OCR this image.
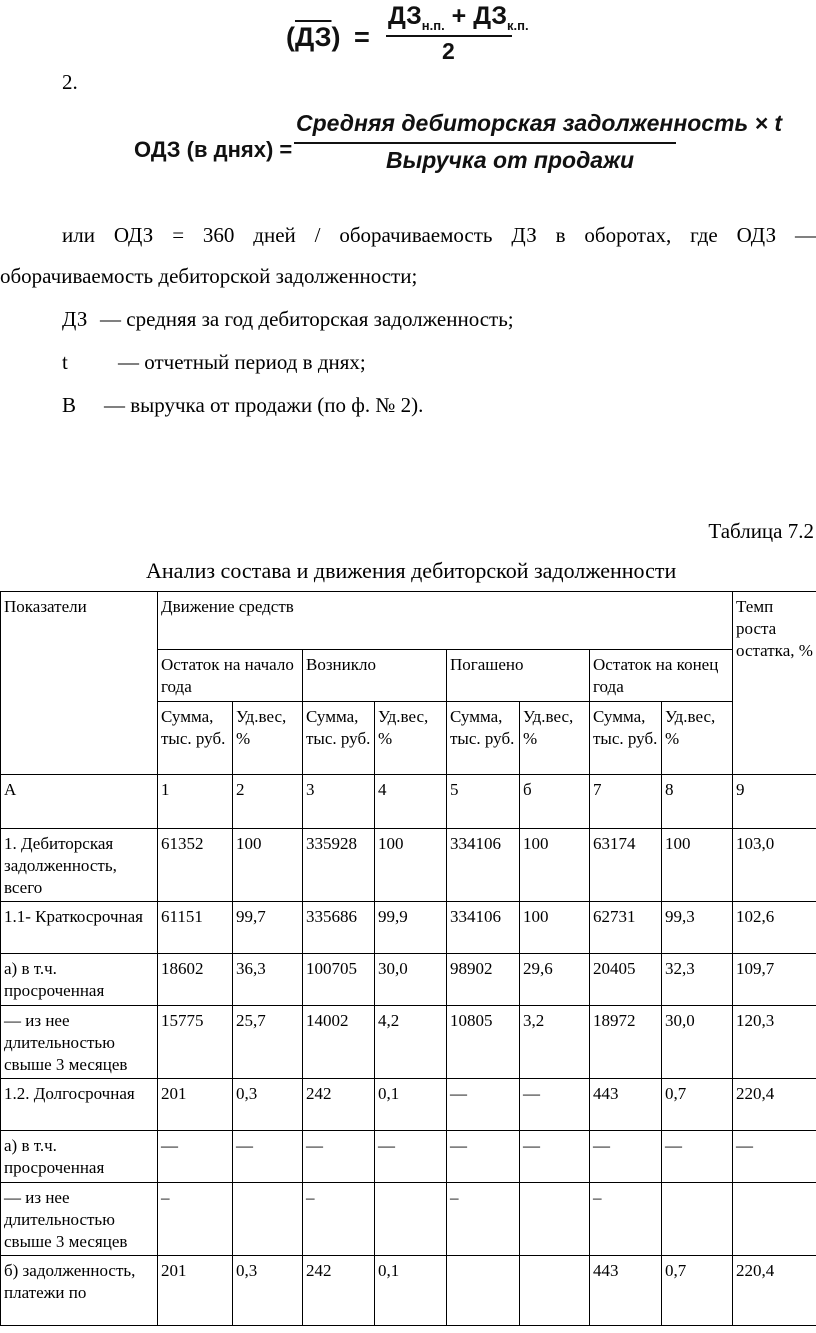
(ДЗ) =
$ДЗ_{н.п.} + ДЗ_{к.п.}$
2
2.
ОДЗ (в днях) =
Средняя дебиторская задолженность × t
Выручка от продажи
или ОДЗ = 360 дней / оборачиваемость ДЗ в оборотах, где ОДЗ —
оборачиваемость дебиторской задолженности;
ДЗ — средняя за год дебиторская задолженность;
t — отчетный период в днях;
В — выручка от продажи (по ф. № 2).
Таблица 7.2
Анализ состава и движения дебиторской задолженности
Показатели	Движение средств								Темп роста остатка, %
	Остаток на начало года		Возникло		Погашено		Остаток на конец года		
	Сумма, тыс. руб.	Уд.вес, %	Сумма, тыс. руб.	Уд.вес, %	Сумма, тыс. руб.	Уд.вес, %	Сумма, тыс. руб.	Уд.вес, %	
А	1	2	3	4	5	б	7	8	9
1. Дебиторская задолженность, всего	61352	100	335928	100	334106	100	63174	100	103,0
1.1- Краткосрочная	61151	99,7	335686	99,9	334106	100	62731	99,3	102,6
а) в т.ч. просроченная	18602	36,3	100705	30,0	98902	29,6	20405	32,3	109,7
— из нее длительностью свыше 3 месяцев	15775	25,7	14002	4,2	10805	3,2	18972	30,0	120,3
1.2. Долгосрочная	201	0,3	242	0,1	—	—	443	0,7	220,4
а) в т.ч. просроченная	—	—	—	—	—	—	—	—	—
— из нее длительностью свыше 3 месяцев	–		–		–		–		
б) задолженность, платежи по	201	0,3	242	0,1			443	0,7	220,4
